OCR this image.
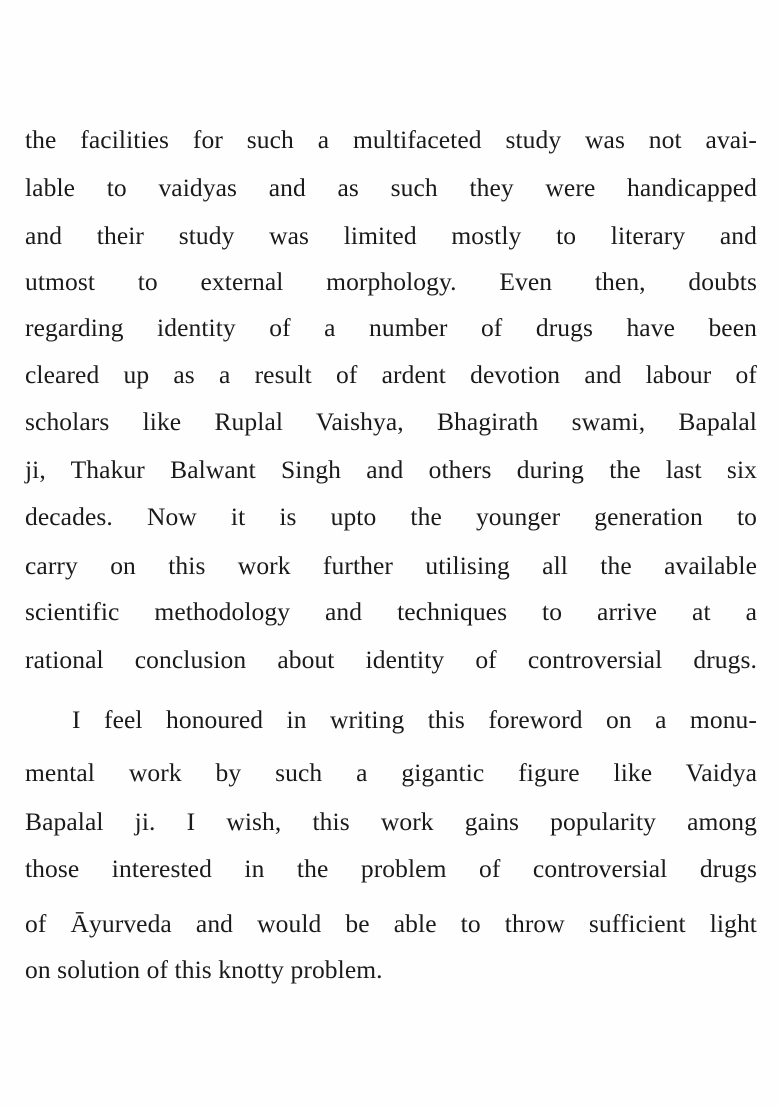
the facilities for such a multifaceted study was not avai-
lable to vaidyas and as such they were handicapped
and their study was limited mostly to literary and
utmost to external morphology. Even then, doubts
regarding identity of a number of drugs have been
cleared up as a result of ardent devotion and labour of
scholars like Ruplal Vaishya, Bhagirath swami, Bapalal
ji, Thakur Balwant Singh and others during the last six
decades. Now it is upto the younger generation to
carry on this work further utilising all the available
scientific methodology and techniques to arrive at a
rational conclusion about identity of controversial drugs.
I feel honoured in writing this foreword on a monu-
mental work by such a gigantic figure like Vaidya
Bapalal ji. I wish, this work gains popularity among
those interested in the problem of controversial drugs
of Āyurveda and would be able to throw sufficient light
on solution of this knotty problem.
